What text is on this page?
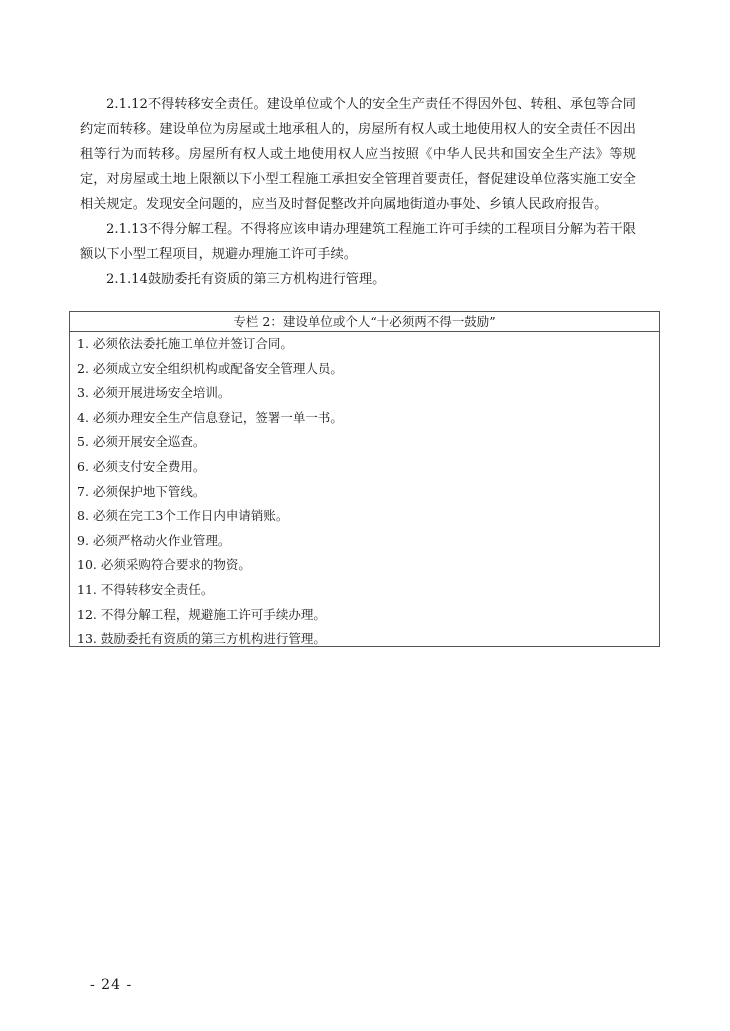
2.1.12不得转移安全责任。建设单位或个人的安全生产责任不得因外包、转租、承包等合同约定而转移。建设单位为房屋或土地承租人的，房屋所有权人或土地使用权人的安全责任不因出租等行为而转移。房屋所有权人或土地使用权人应当按照《中华人民共和国安全生产法》等规定，对房屋或土地上限额以下小型工程施工承担安全管理首要责任，督促建设单位落实施工安全相关规定。发现安全问题的，应当及时督促整改并向属地街道办事处、乡镇人民政府报告。

2.1.13不得分解工程。不得将应该申请办理建筑工程施工许可手续的工程项目分解为若干限额以下小型工程项目，规避办理施工许可手续。

2.1.14鼓励委托有资质的第三方机构进行管理。

专栏 2：建设单位或个人“十必须两不得一鼓励”
1. 必须依法委托施工单位并签订合同。
2. 必须成立安全组织机构或配备安全管理人员。
3. 必须开展进场安全培训。
4. 必须办理安全生产信息登记，签署一单一书。
5. 必须开展安全巡查。
6. 必须支付安全费用。
7. 必须保护地下管线。
8. 必须在完工3个工作日内申请销账。
9. 必须严格动火作业管理。
10. 必须采购符合要求的物资。
11. 不得转移安全责任。
12. 不得分解工程，规避施工许可手续办理。
13. 鼓励委托有资质的第三方机构进行管理。
- 24 -
